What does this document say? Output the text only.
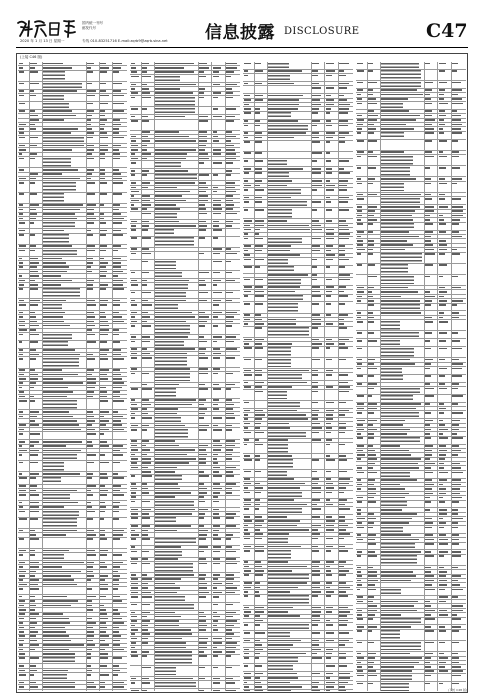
国内统一刊号
邮发代号
2020 年 1 月 13 日 星期一	专线 010-83251716 E-mail:zqrb9@zqrb.sina.net 信息披露 DISCLOSURE	C47
(上接 C46 版)
(下转 C48 版)
